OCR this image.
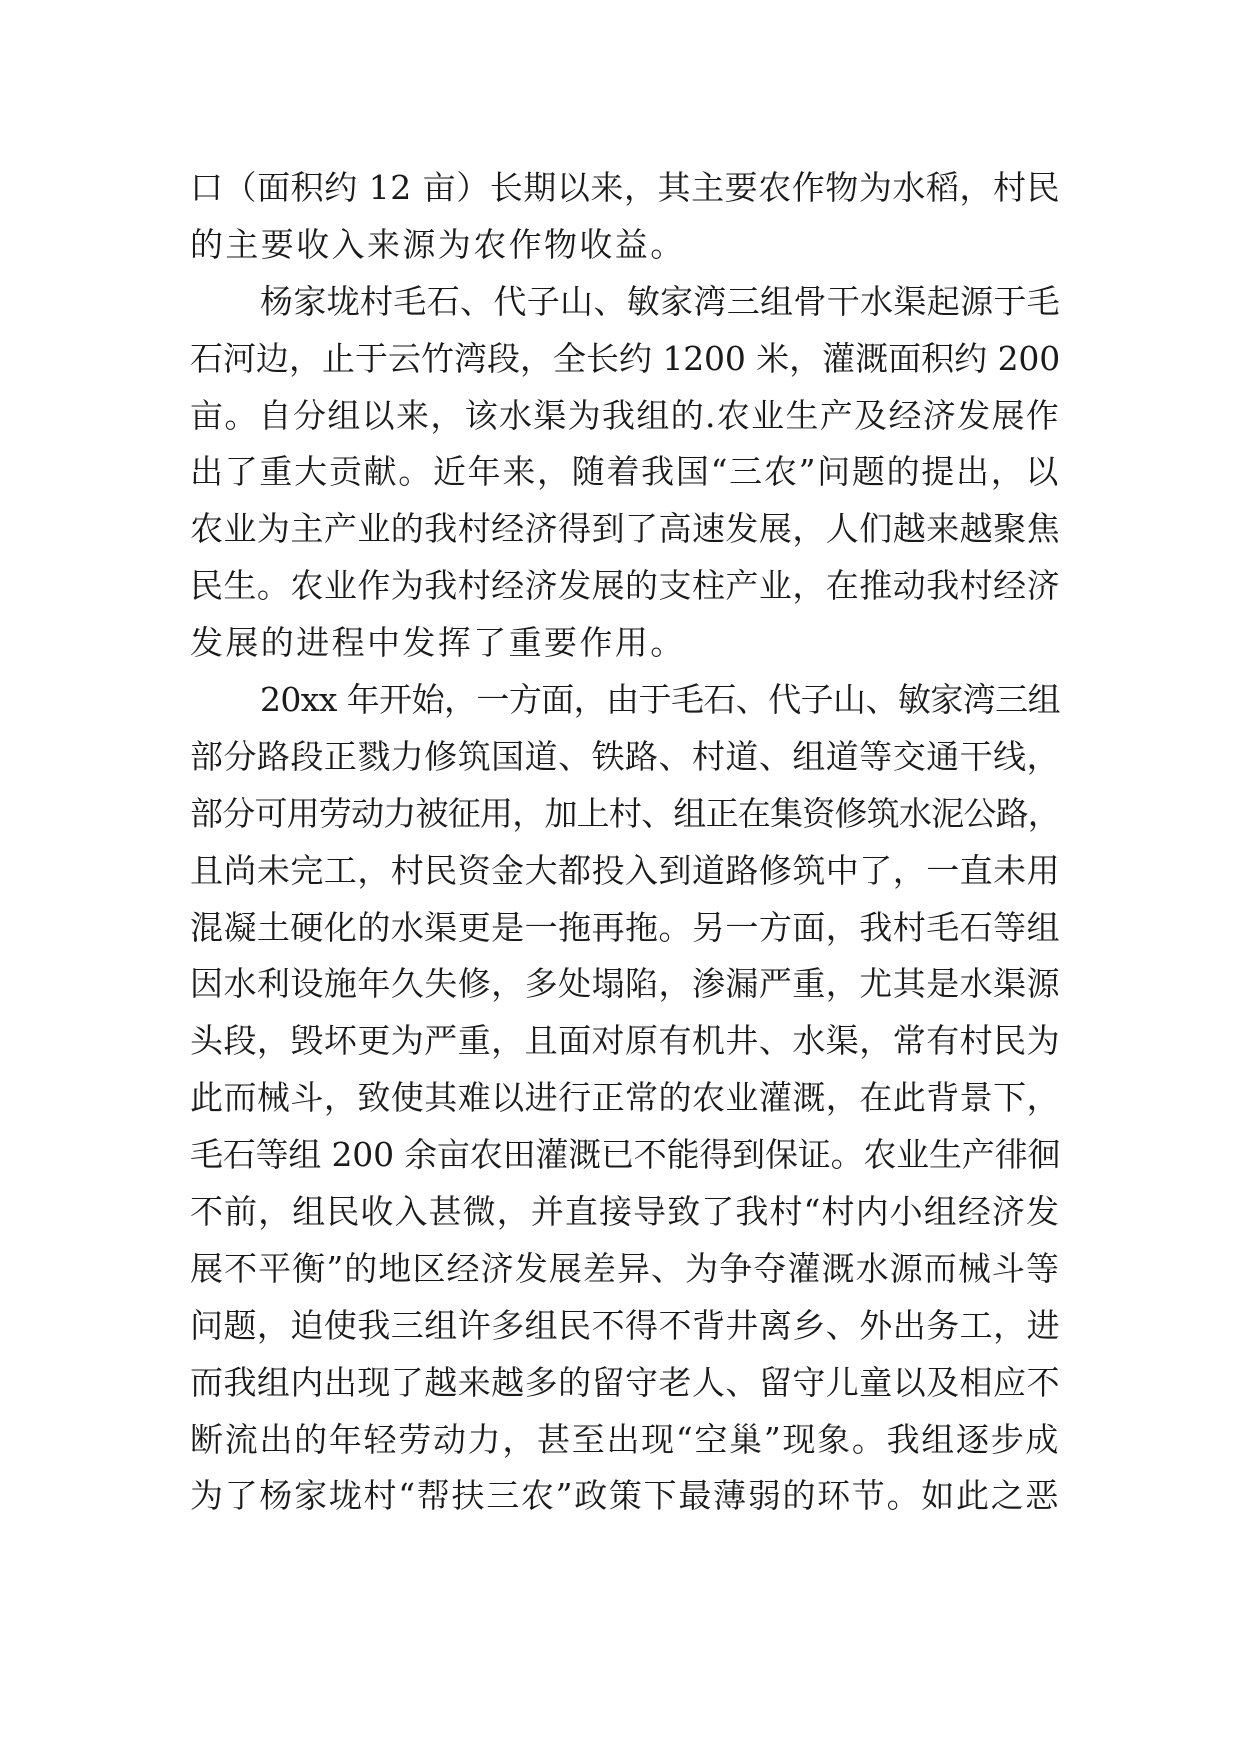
口（面积约 12 亩）长期以来，其主要农作物为水稻，村民
的主要收入来源为农作物收益。
杨家垅村毛石、代子山、敏家湾三组骨干水渠起源于毛
石河边，止于云竹湾段，全长约 1200 米，灌溉面积约 200
亩。自分组以来，该水渠为我组的.农业生产及经济发展作
出了重大贡献。近年来，随着我国“三农”问题的提出，以
农业为主产业的我村经济得到了高速发展，人们越来越聚焦
民生。农业作为我村经济发展的支柱产业，在推动我村经济
发展的进程中发挥了重要作用。
20xx 年开始，一方面，由于毛石、代子山、敏家湾三组
部分路段正戮力修筑国道、铁路、村道、组道等交通干线，
部分可用劳动力被征用，加上村、组正在集资修筑水泥公路，
且尚未完工，村民资金大都投入到道路修筑中了，一直未用
混凝土硬化的水渠更是一拖再拖。另一方面，我村毛石等组
因水利设施年久失修，多处塌陷，渗漏严重，尤其是水渠源
头段，毁坏更为严重，且面对原有机井、水渠，常有村民为
此而械斗，致使其难以进行正常的农业灌溉，在此背景下，
毛石等组 200 余亩农田灌溉已不能得到保证。农业生产徘徊
不前，组民收入甚微，并直接导致了我村“村内小组经济发
展不平衡”的地区经济发展差异、为争夺灌溉水源而械斗等
问题，迫使我三组许多组民不得不背井离乡、外出务工，进
而我组内出现了越来越多的留守老人、留守儿童以及相应不
断流出的年轻劳动力，甚至出现“空巢”现象。我组逐步成
为了杨家垅村“帮扶三农”政策下最薄弱的环节。如此之恶
